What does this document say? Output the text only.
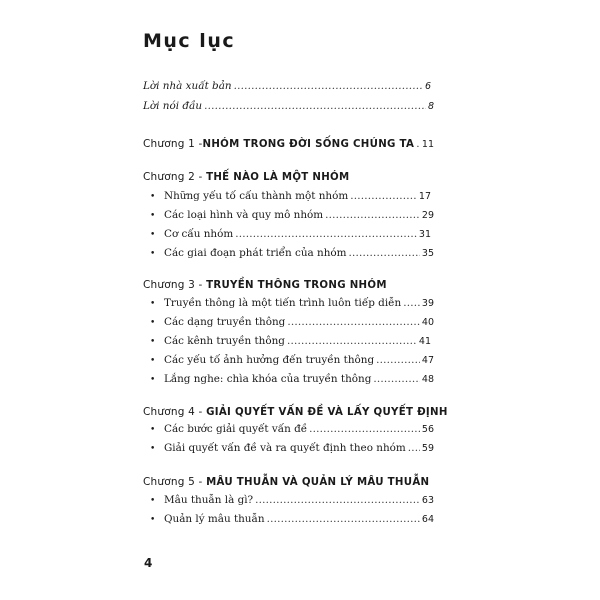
Mục lục
Lời nhà xuất bản .....	6
Lời nói đầu .....	8
Chương 1 - NHÓM TRONG ĐỜI SỐNG CHÚNG TA ..... 11
Chương 2 - THẾ NÀO LÀ MỘT NHÓM
• Những yếu tố cấu thành một nhóm .....	17
• Các loại hình và quy mô nhóm .....	29
• Cơ cấu nhóm .....	31
• Các giai đoạn phát triển của nhóm .....	35
Chương 3 - TRUYỀN THÔNG TRONG NHÓM
• Truyền thông là một tiến trình luôn tiếp diễn ..... 39
• Các dạng truyền thông .....	40
• Các kênh truyền thông .....	41
• Các yếu tố ảnh hưởng đến truyền thông .....	47
• Lắng nghe: chìa khóa của truyền thông .....	48
Chương 4 - GIẢI QUYẾT VẤN ĐỀ VÀ LẤY QUYẾT ĐỊNH
• Các bước giải quyết vấn đề .....	56
• Giải quyết vấn đề và ra quyết định theo nhóm ..... 59
Chương 5 - MÂU THUẪN VÀ QUẢN LÝ MÂU THUẪN
• Mâu thuẫn là gì? .....	63
• Quản lý mâu thuẫn .....	64
4
